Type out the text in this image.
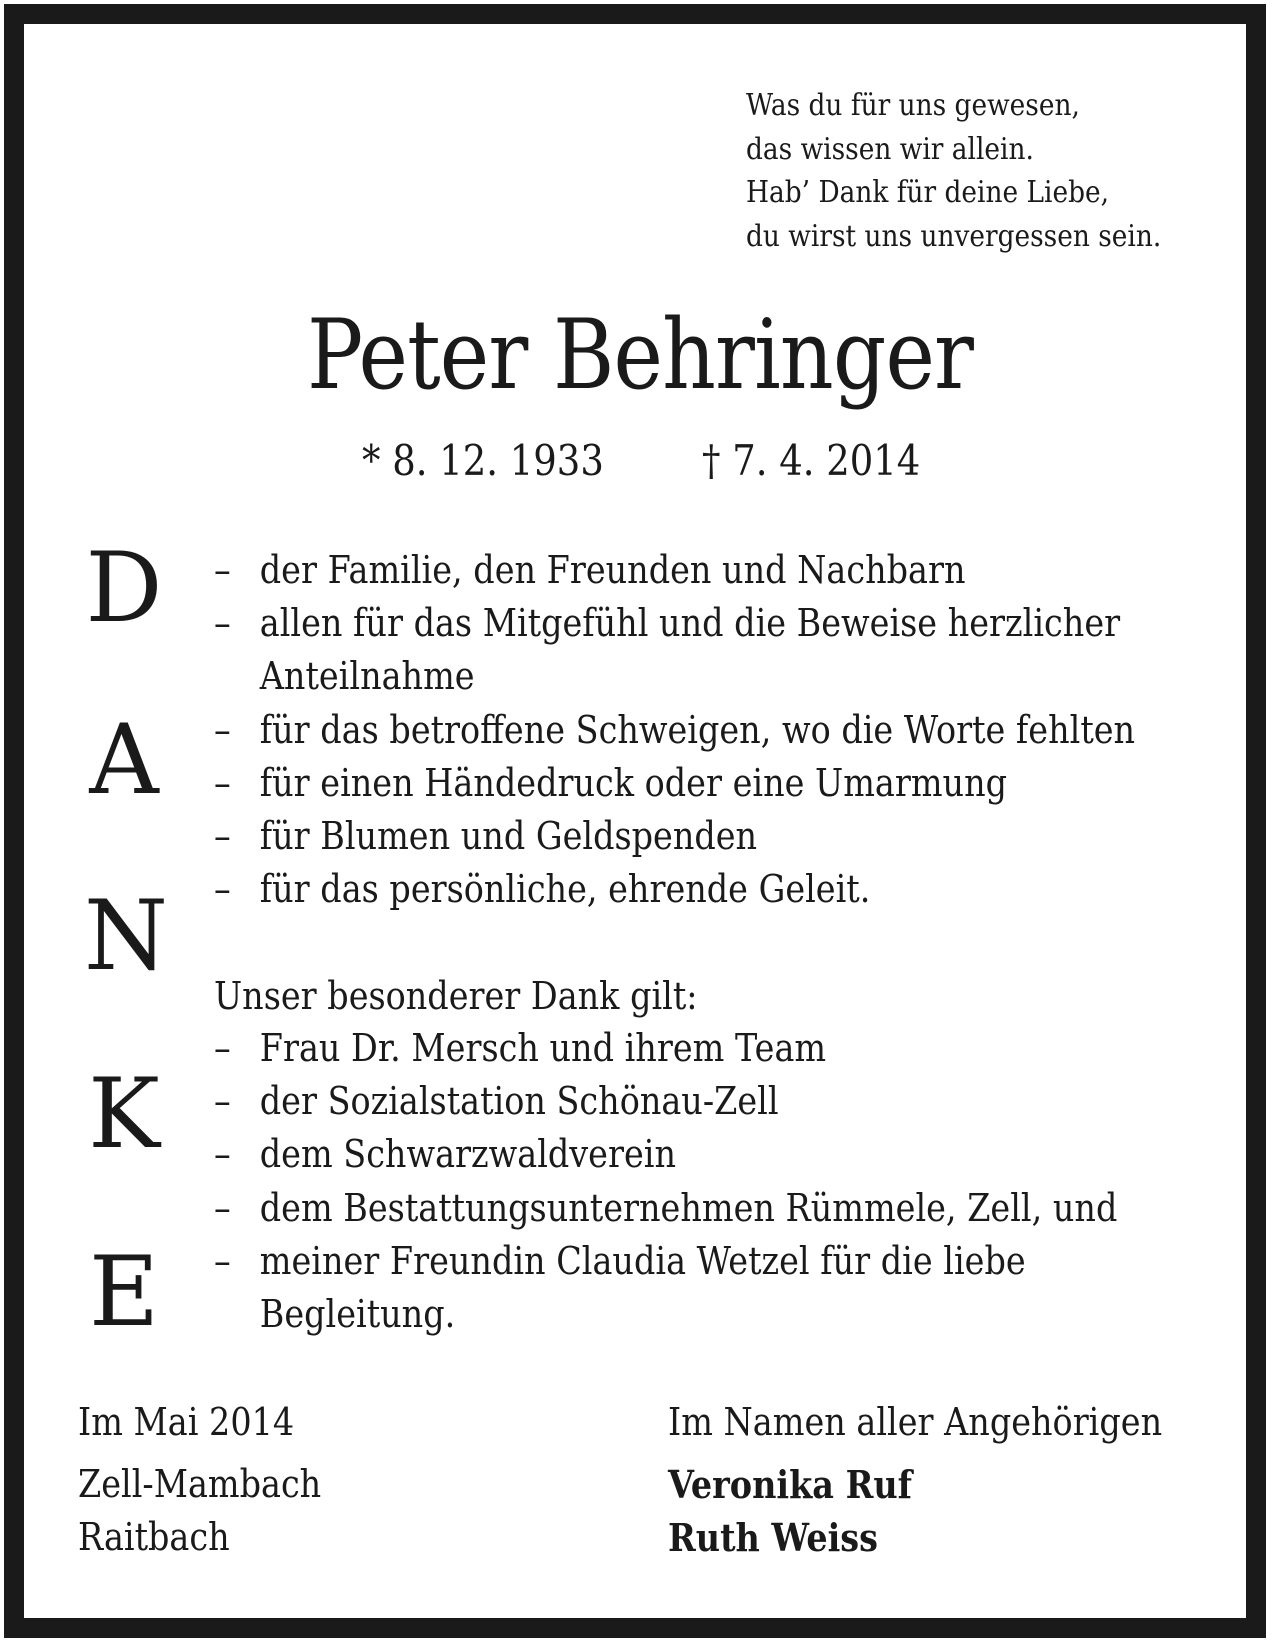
Was du für uns gewesen,
das wissen wir allein.
Hab’ Dank für deine Liebe,
du wirst uns unvergessen sein.
Peter Behringer
* 8. 12. 1933 † 7. 4. 2014
D
A
N
K
E
– der Familie, den Freunden und Nachbarn
– allen für das Mitgefühl und die Beweise herzlicher
Anteilnahme
– für das betroffene Schweigen, wo die Worte fehlten
– für einen Händedruck oder eine Umarmung
– für Blumen und Geldspenden
– für das persönliche, ehrende Geleit.
Unser besonderer Dank gilt:
– Frau Dr. Mersch und ihrem Team
– der Sozialstation Schönau-Zell
– dem Schwarzwaldverein
– dem Bestattungsunternehmen Rümmele, Zell, und
– meiner Freundin Claudia Wetzel für die liebe
Begleitung.
Im Mai 2014
Zell-Mambach
Raitbach
Im Namen aller Angehörigen
Veronika Ruf
Ruth Weiss
